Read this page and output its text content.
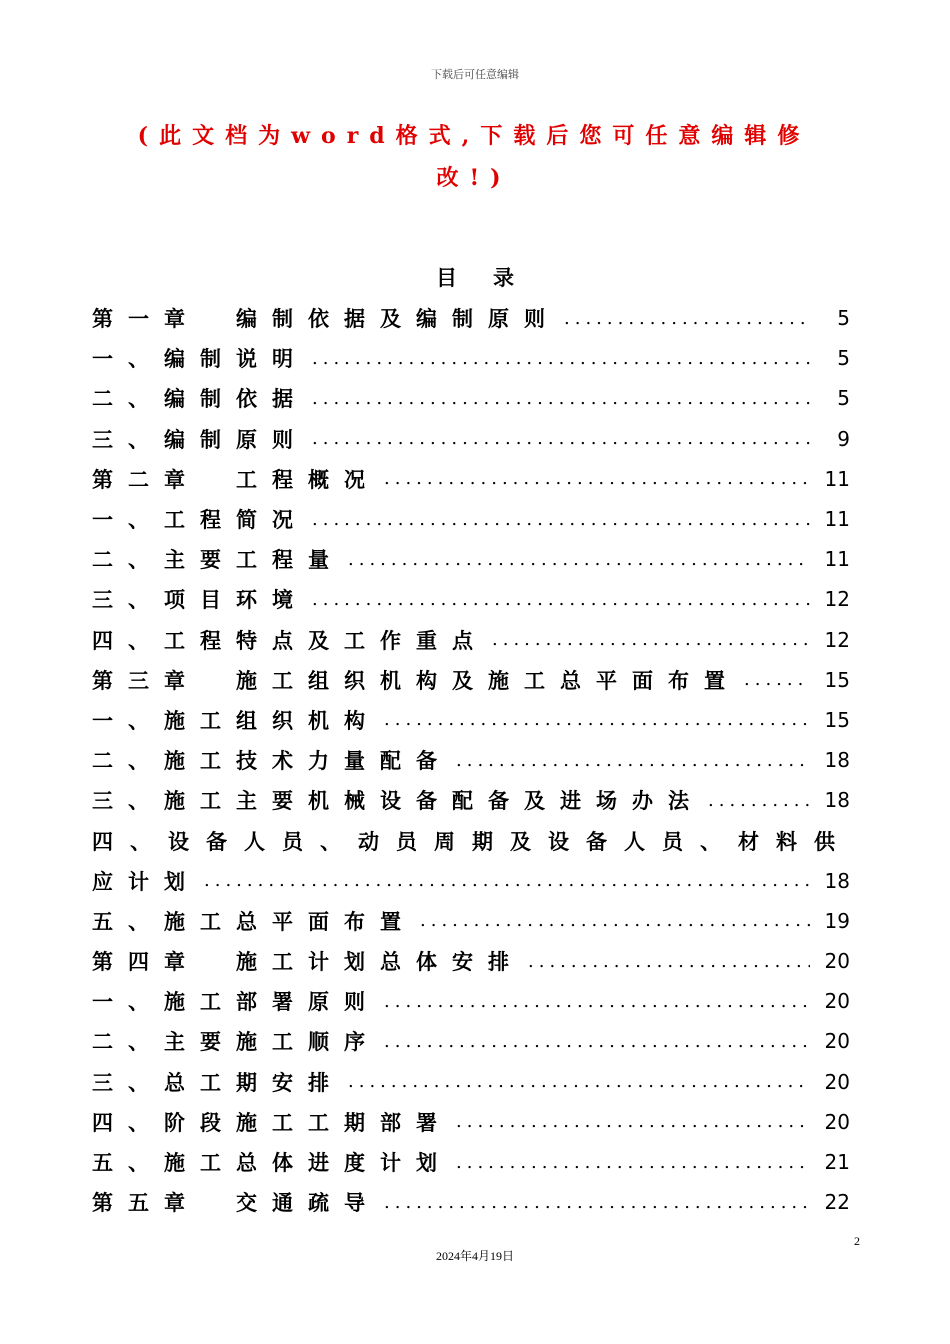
下载后可任意编辑
(此文档为word格式,下载后您可任意编辑修
改!)
目录
第一章　编制依据及编制原则 .....	5
一、编制说明 .....	5
二、编制依据 .....	5
三、编制原则 .....	9
第二章　工程概况 .....	11
一、工程简况 .....	11
二、主要工程量 .....	11
三、项目环境 .....	12
四、工程特点及工作重点 .....	12
第三章　施工组织机构及施工总平面布置 .....	15
一、施工组织机构 .....	15
二、施工技术力量配备 .....	18
三、施工主要机械设备配备及进场办法 .....	18
四、设备人员、动员周期及设备人员、材料供
应计划 .....	18
五、施工总平面布置 .....	19
第四章　施工计划总体安排 .....	20
一、施工部署原则 .....	20
二、主要施工顺序 .....	20
三、总工期安排 .....	20
四、阶段施工工期部署 .....	20
五、施工总体进度计划 .....	21
第五章　交通疏导 .....	22
2
2024年4月19日
